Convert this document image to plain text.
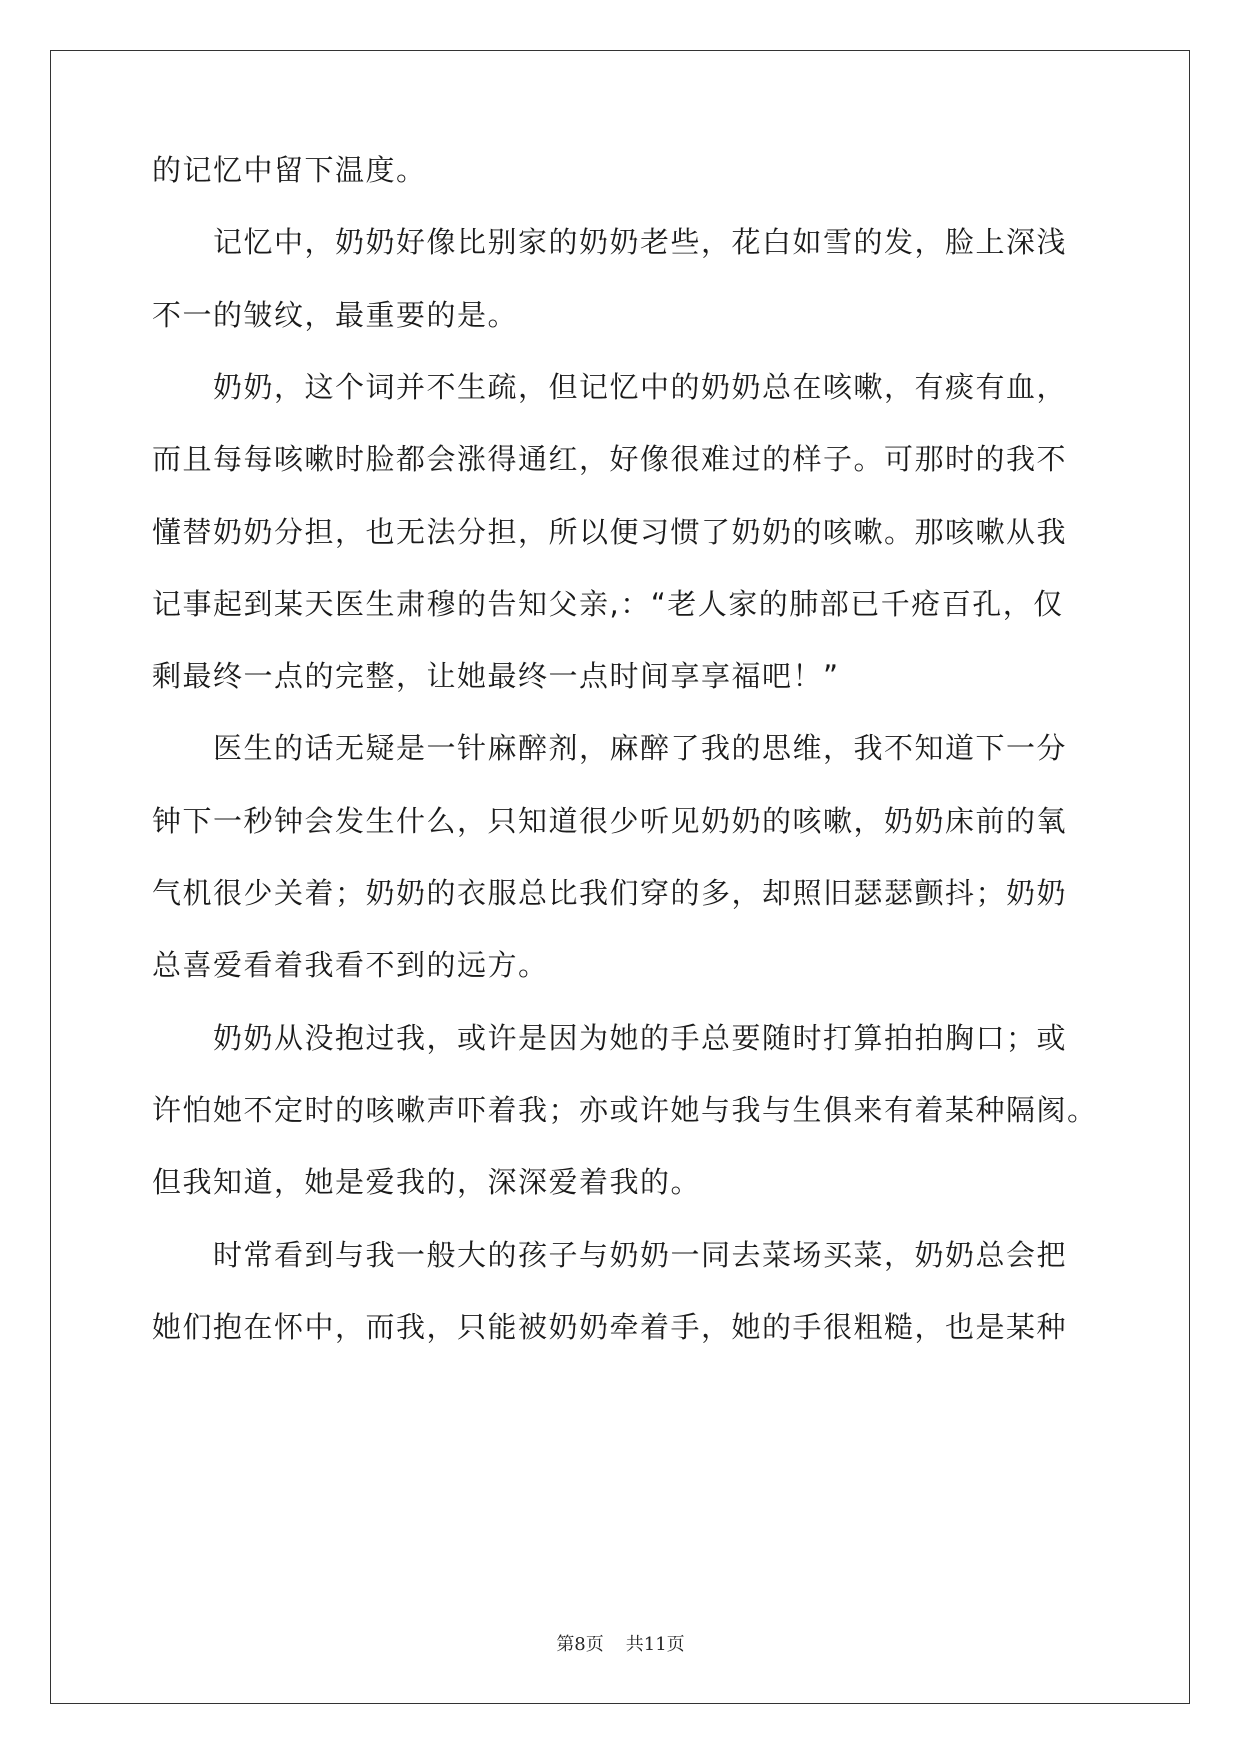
的记忆中留下温度。
　　记忆中，奶奶好像比别家的奶奶老些，花白如雪的发，脸上深浅
不一的皱纹，最重要的是。
　　奶奶，这个词并不生疏，但记忆中的奶奶总在咳嗽，有痰有血，
而且每每咳嗽时脸都会涨得通红，好像很难过的样子。可那时的我不
懂替奶奶分担，也无法分担，所以便习惯了奶奶的咳嗽。那咳嗽从我
记事起到某天医生肃穆的告知父亲,：“老人家的肺部已千疮百孔，仅
剩最终一点的完整，让她最终一点时间享享福吧！”
　　医生的话无疑是一针麻醉剂，麻醉了我的思维，我不知道下一分
钟下一秒钟会发生什么，只知道很少听见奶奶的咳嗽，奶奶床前的氧
气机很少关着；奶奶的衣服总比我们穿的多，却照旧瑟瑟颤抖；奶奶
总喜爱看着我看不到的远方。
　　奶奶从没抱过我，或许是因为她的手总要随时打算拍拍胸口；或
许怕她不定时的咳嗽声吓着我；亦或许她与我与生俱来有着某种隔阂。
但我知道，她是爱我的，深深爱着我的。
　　时常看到与我一般大的孩子与奶奶一同去菜场买菜，奶奶总会把
她们抱在怀中，而我，只能被奶奶牵着手，她的手很粗糙，也是某种
第8页 共11页
